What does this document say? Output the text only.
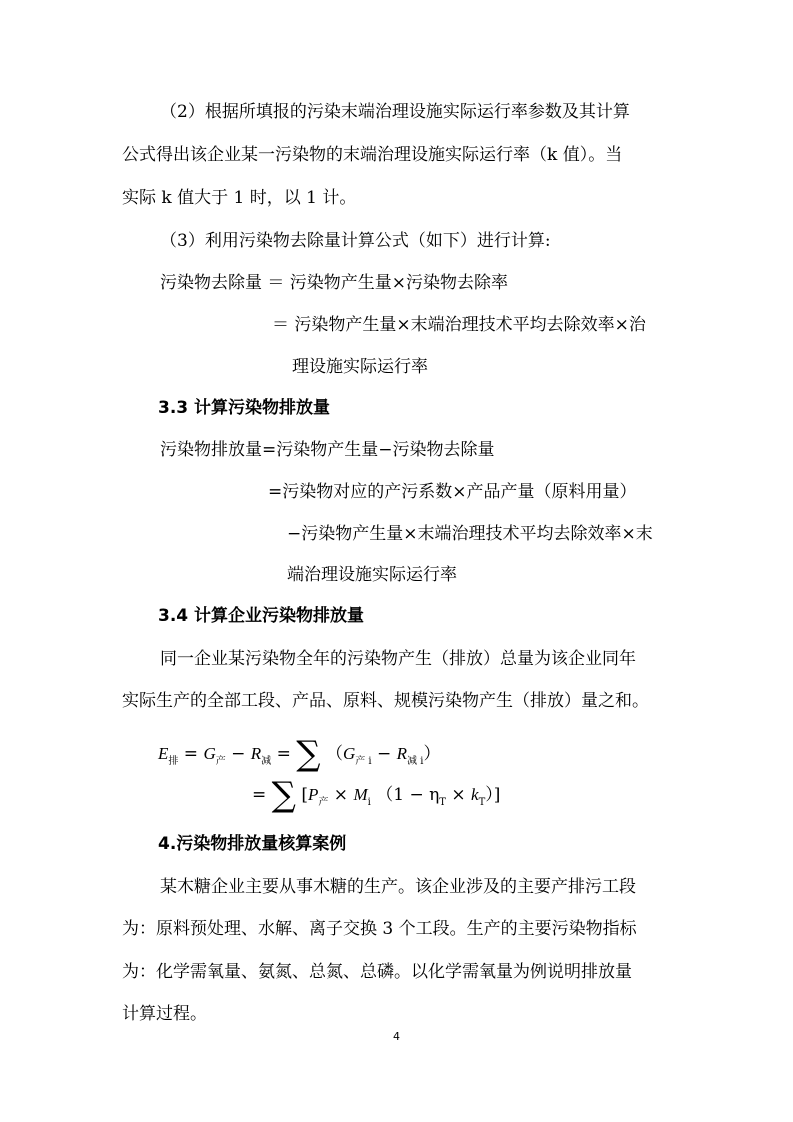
（2）根据所填报的污染末端治理设施实际运行率参数及其计算
公式得出该企业某一污染物的末端治理设施实际运行率（k 值）。当
实际 k 值大于 1 时，以 1 计。
（3）利用污染物去除量计算公式（如下）进行计算:
污染物去除量 ＝ 污染物产生量×污染物去除率
＝ 污染物产生量×末端治理技术平均去除效率×治
理设施实际运行率
3.3 计算污染物排放量
污染物排放量=污染物产生量−污染物去除量
=污染物对应的产污系数×产品产量（原料用量）
−污染物产生量×末端治理技术平均去除效率×末
端治理设施实际运行率
3.4 计算企业污染物排放量
同一企业某污染物全年的污染物产生（排放）总量为该企业同年
实际生产的全部工段、产品、原料、规模污染物产生（排放）量之和。
$E_排 = G_产 - R_减$ = ∑ $(G_{产 i} - R_{减 i})$
= ∑ [$P_产 \times M_i$ $(1 - \eta_T \times k_T)$]
4.污染物排放量核算案例
某木糖企业主要从事木糖的生产。该企业涉及的主要产排污工段
为：原料预处理、水解、离子交换 3 个工段。生产的主要污染物指标
为：化学需氧量、氨氮、总氮、总磷。以化学需氧量为例说明排放量
计算过程。
4
